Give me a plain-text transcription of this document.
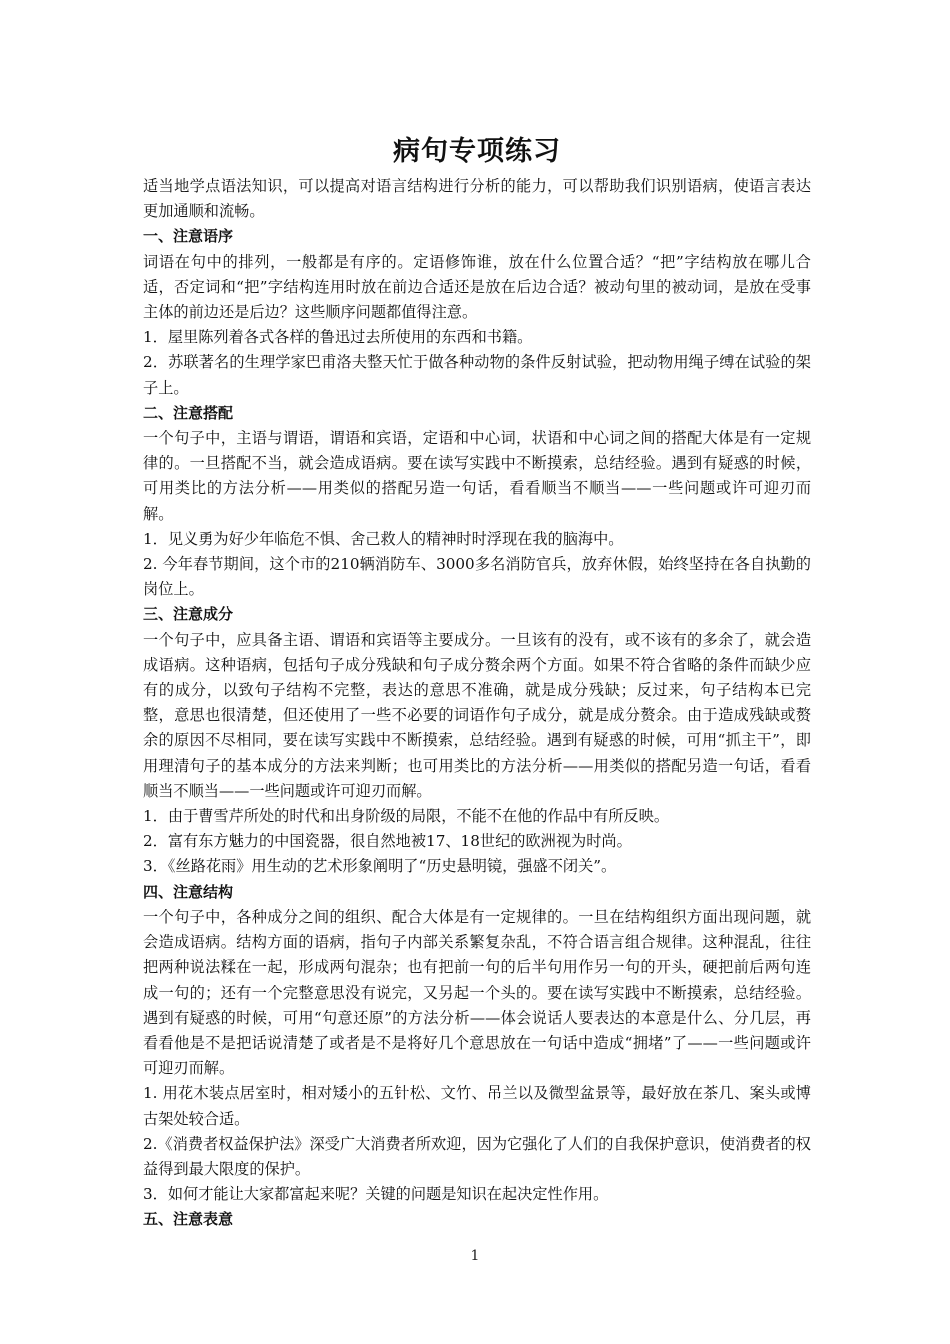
病句专项练习

适当地学点语法知识，可以提高对语言结构进行分析的能力，可以帮助我们识别语病，使语言表达更加通顺和流畅。

一、注意语序

词语在句中的排列，一般都是有序的。定语修饰谁，放在什么位置合适？“把”字结构放在哪儿合适，否定词和“把”字结构连用时放在前边合适还是放在后边合适？被动句里的被动词，是放在受事主体的前边还是后边？这些顺序问题都值得注意。

1．屋里陈列着各式各样的鲁迅过去所使用的东西和书籍。

2．苏联著名的生理学家巴甫洛夫整天忙于做各种动物的条件反射试验，把动物用绳子缚在试验的架子上。

二、注意搭配

一个句子中，主语与谓语，谓语和宾语，定语和中心词，状语和中心词之间的搭配大体是有一定规律的。一旦搭配不当，就会造成语病。要在读写实践中不断摸索，总结经验。遇到有疑惑的时候，可用类比的方法分析——用类似的搭配另造一句话，看看顺当不顺当——一些问题或许可迎刃而解。

1．见义勇为好少年临危不惧、舍己救人的精神时时浮现在我的脑海中。

2. 今年春节期间，这个市的210辆消防车、3000多名消防官兵，放弃休假，始终坚持在各自执勤的岗位上。

三、注意成分

一个句子中，应具备主语、谓语和宾语等主要成分。一旦该有的没有，或不该有的多余了，就会造成语病。这种语病，包括句子成分残缺和句子成分赘余两个方面。如果不符合省略的条件而缺少应有的成分，以致句子结构不完整，表达的意思不准确，就是成分残缺；反过来，句子结构本已完整，意思也很清楚，但还使用了一些不必要的词语作句子成分，就是成分赘余。由于造成残缺或赘余的原因不尽相同，要在读写实践中不断摸索，总结经验。遇到有疑惑的时候，可用“抓主干”，即用理清句子的基本成分的方法来判断；也可用类比的方法分析——用类似的搭配另造一句话，看看顺当不顺当——一些问题或许可迎刃而解。

1．由于曹雪芹所处的时代和出身阶级的局限，不能不在他的作品中有所反映。

2．富有东方魅力的中国瓷器，很自然地被17、18世纪的欧洲视为时尚。

3．《丝路花雨》用生动的艺术形象阐明了“历史悬明镜，强盛不闭关”。

四、注意结构

一个句子中，各种成分之间的组织、配合大体是有一定规律的。一旦在结构组织方面出现问题，就会造成语病。结构方面的语病，指句子内部关系繁复杂乱，不符合语言组合规律。这种混乱，往往把两种说法糅在一起，形成两句混杂；也有把前一句的后半句用作另一句的开头，硬把前后两句连成一句的；还有一个完整意思没有说完，又另起一个头的。要在读写实践中不断摸索，总结经验。遇到有疑惑的时候，可用“句意还原”的方法分析——体会说话人要表达的本意是什么、分几层，再看看他是不是把话说清楚了或者是不是将好几个意思放在一句话中造成“拥堵”了——一些问题或许可迎刃而解。

1. 用花木装点居室时，相对矮小的五针松、文竹、吊兰以及微型盆景等，最好放在茶几、案头或博古架处较合适。

2.《消费者权益保护法》深受广大消费者所欢迎，因为它强化了人们的自我保护意识，使消费者的权益得到最大限度的保护。

3．如何才能让大家都富起来呢？关键的问题是知识在起决定性作用。

五、注意表意

1
